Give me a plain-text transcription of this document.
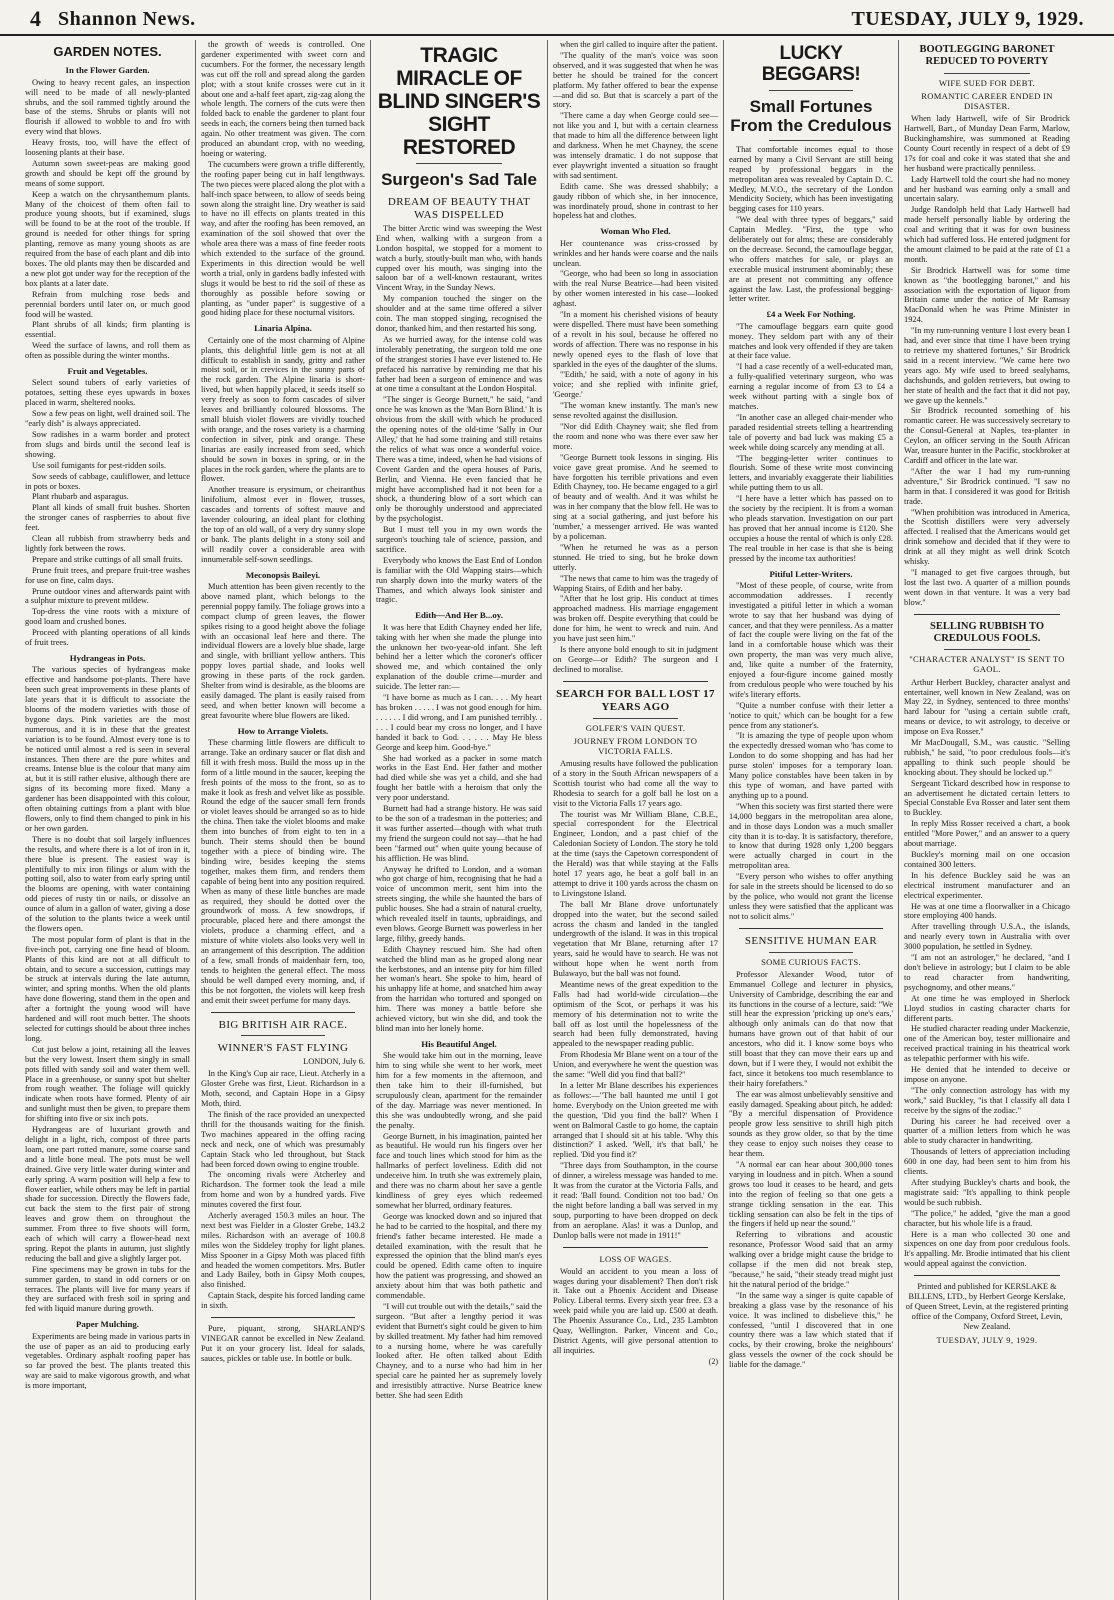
4 Shannon News.	TUESDAY, JULY 9, 1929.
GARDEN NOTES.
In the Flower Garden.

Owing to heavy recent gales, an inspection will need to be made of all newly-planted shrubs, and the soil rammed tightly around the base of the stems. Shrubs or plants will not flourish if allowed to wobble to and fro with every wind that blows.

Heavy frosts, too, will have the effect of loosening plants at their base.

Autumn sown sweet-peas are making good growth and should be kept off the ground by means of some support.

Keep a watch on the chrysanthemum plants. Many of the choicest of them often fail to produce young shoots, but if examined, slugs will be found to be at the root of the trouble. If ground is needed for other things for spring planting, remove as many young shoots as are required from the base of each plant and dib into boxes. The old plants may then be discarded and a new plot got under way for the reception of the box plants at a later date.

Refrain from mulching rose beds and perennial borders until later on, or much good food will be wasted.

Plant shrubs of all kinds; firm planting is essential.

Weed the surface of lawns, and roll them as often as possible during the winter months.

Fruit and Vegetables.

Select sound tubers of early varieties of potatoes, setting these eyes upwards in boxes placed in warm, sheltered nooks.

Sow a few peas on light, well drained soil. The "early dish" is always appreciated.

Sow radishes in a warm border and protect from slugs and birds until the second leaf is showing.

Use soil fumigants for pest-ridden soils.

Sow seeds of cabbage, cauliflower, and lettuce in pots or boxes.

Plant rhubarb and asparagus.

Plant all kinds of small fruit bushes. Shorten the stronger canes of raspberries to about five feet.

Clean all rubbish from strawberry beds and lightly fork between the rows.

Prepare and strike cuttings of all small fruits.

Prune fruit trees, and prepare fruit-tree washes for use on fine, calm days.

Prune outdoor vines and afterwards paint with a sulphur mixture to prevent mildew.

Top-dress the vine roots with a mixture of good loam and crushed bones.

Proceed with planting operations of all kinds of fruit trees.

Hydrangeas in Pots.

The various species of hydrangeas make effective and handsome pot-plants. There have been such great improvements in these plants of late years that it is difficult to associate the blooms of the modern varieties with those of bygone days. Pink varieties are the most numerous, and it is in these that the greatest variation is to be found. Almost every tone is to be noticed until almost a red is seen in several instances. Then there are the pure whites and creams. Intense blue is the colour that many aim at, but it is still rather elusive, although there are signs of its becoming more fixed. Many a gardener has been disappointed with this colour, often obtaining cuttings from a plant with blue flowers, only to find them changed to pink in his or her own garden.

There is no doubt that soil largely influences the results, and where there is a lot of iron in it, there blue is present. The easiest way is plentifully to mix iron filings or alum with the potting soil, also to water from early spring until the blooms are opening, with water containing odd pieces of rusty tin or nails, or dissolve an ounce of alum in a gallon of water, giving a dose of the solution to the plants twice a week until the flowers open.

The most popular form of plant is that in the five-inch pot, carrying one fine head of bloom. Plants of this kind are not at all difficult to obtain, and to secure a succession, cuttings may be struck at intervals during the late autumn, winter, and spring months. When the old plants have done flowering, stand them in the open and after a fortnight the young wood will have hardened and will root much better. The shoots selected for cuttings should be about three inches long.

Cut just below a joint, retaining all the leaves but the very lowest. Insert them singly in small pots filled with sandy soil and water them well. Place in a greenhouse, or sunny spot but shelter from rough weather. The foliage will quickly indicate when roots have formed. Plenty of air and sunlight must then be given, to prepare them for shifting into five or six inch pots.

Hydrangeas are of luxuriant growth and delight in a light, rich, compost of three parts loam, one part rotted manure, some coarse sand and a little bone meal. The pots must be well drained. Give very little water during winter and early spring. A warm position will help a few to flower earlier, while others may be left in partial shade for succession. Directly the flowers fade, cut back the stem to the first pair of strong leaves and grow them on throughout the summer. From three to five shoots will form, each of which will carry a flower-head next spring. Repot the plants in autumn, just slightly reducing the ball and give a slightly larger pot.

Fine specimens may be grown in tubs for the summer garden, to stand in odd corners or on terraces. The plants will live for many years if they are surfaced with fresh soil in spring and fed with liquid manure during growth.

Paper Mulching.

Experiments are being made in various parts in the use of paper as an aid to producing early vegetables. Ordinary asphalt roofing paper has so far proved the best. The plants treated this way are said to make vigorous growth, and what is more important,

the growth of weeds is controlled. One gardener experimented with sweet corn and cucumbers. For the former, the necessary length was cut off the roll and spread along the garden plot; with a stout knife crosses were cut in it about one and a-half feet apart, zig-zag along the whole length. The corners of the cuts were then folded back to enable the gardener to plant four seeds in each, the corners being then turned back again. No other treatment was given. The corn produced an abundant crop, with no weeding, hoeing or watering.

The cucumbers were grown a trifle differently, the roofing paper being cut in half lengthways. The two pieces were placed along the plot with a half-inch space between, to allow of seeds being sown along the straight line. Dry weather is said to have no ill effects on plants treated in this way, and after the roofing has been removed, an examination of the soil showed that over the whole area there was a mass of fine feeder roots which extended to the surface of the ground. Experiments in this direction would be well worth a trial, only in gardens badly infested with slugs it would be best to rid the soil of these as thoroughly as possible before sowing or planting, as "under paper" is suggestive of a good hiding place for these nocturnal visitors.

Linaria Alpina.

Certainly one of the most charming of Alpine plants, this delightful little gem is not at all difficult to establish in sandy, gritty and rather moist soil, or in crevices in the sunny parts of the rock garden. The Alpine linaria is short-lived, but when happily placed, it seeds itself so very freely as soon to form cascades of silver leaves and brilliantly coloured blossoms. The small bluish violet flowers are vividly touched with orange, and the roses variety is a charming confection in silver, pink and orange. These linarias are easily increased from seed, which should be sown in boxes in spring, or in the places in the rock garden, where the plants are to flower.

Another treasure is erysimum, or cheiranthus linifolium, almost ever in flower, trusses, cascades and torrents of softest mauve and lavender colouring, an ideal plant for clothing the top of an old wall, of a very dry sunny slope or bank. The plants delight in a stony soil and will readily cover a considerable area with innumerable self-sown seedlings.

Meconopsis Baileyi.

Much attention has been given recently to the above named plant, which belongs to the perennial poppy family. The foliage grows into a compact clump of green leaves, the flower spikes rising to a good height above the foliage with an occasional leaf here and there. The individual flowers are a lovely blue shade, large and single, with brilliant yellow anthers. This poppy loves partial shade, and looks well growing in these parts of the rock garden. Shelter from wind is desirable, as the blooms are easily damaged. The plant is easily raised from seed, and when better known will become a great favourite where blue flowers are liked.

How to Arrange Violets.

These charming little flowers are difficult to arrange. Take an ordinary saucer or flat dish and fill it with fresh moss. Build the moss up in the form of a little mound in the saucer, keeping the fresh points of the moss to the front, so as to make it look as fresh and velvet like as possible. Round the edge of the saucer small fern fronds or violet leaves should be arranged so as to hide the china. Then take the violet blooms and make them into bunches of from eight to ten in a bunch. Their stems should then be bound together with a piece of binding wire. The binding wire, besides keeping the stems together, makes them firm, and renders them capable of being bent into any position required. When as many of these little bunches are made as required, they should be dotted over the groundwork of moss. A few snowdrops, if procurable, placed here and there amongst the violets, produce a charming effect, and a mixture of white violets also looks very well in an arrangement of this description. The addition of a few, small fronds of maidenhair fern, too, tends to heighten the general effect. The moss should be well damped every morning, and, if this be not forgotten, the violets will keep fresh and emit their sweet perfume for many days.

BIG BRITISH AIR RACE.
WINNER'S FAST FLYING
LONDON, July 6.

In the King's Cup air race, Lieut. Atcherly in a Gloster Grebe was first, Lieut. Richardson in a Moth, second, and Captain Hope in a Gipsy Moth, third.

The finish of the race provided an unexpected thrill for the thousands waiting for the finish. Two machines appeared in the offing racing neck and neck, one of which was presumably Captain Stack who led throughout, but Stack had been forced down owing to engine trouble.

The oncoming rivals were Atcherley and Richardson. The former took the lead a mile from home and won by a hundred yards. Five minutes covered the first four.

Atcherly averaged 150.3 miles an hour. The next best was Fielder in a Gloster Grebe, 143.2 miles. Richardson with an average of 100.8 miles won the Siddeley trophy for light planes. Miss Spooner in a Gipsy Moth was placed fifth and headed the women competitors. Mrs. Butler and Lady Bailey, both in Gipsy Moth coupes, also finished.

Captain Stack, despite his forced landing came in sixth.

Pure, piquant, strong, SHARLAND'S VINEGAR cannot be excelled in New Zealand. Put it on your grocery list. Ideal for salads, sauces, pickles or table use. In bottle or bulk.

TRAGIC MIRACLE OF BLIND SINGER'S SIGHT RESTORED
Surgeon's Sad Tale
DREAM OF BEAUTY THAT WAS DISPELLED

The bitter Arctic wind was sweeping the West End when, walking with a surgeon from a London hospital, we stopped for a moment to watch a burly, stoutly-built man who, with hands cupped over his mouth, was singing into the saloon bar of a well-known restaurant, writes Vincent Wray, in the Sunday News.

My companion touched the singer on the shoulder and at the same time offered a silver coin. The man stopped singing, recognised the donor, thanked him, and then restarted his song.

As we hurried away, for the intense cold was intolerably penetrating, the surgeon told me one of the strangest stories I have ever listened to. He prefaced his narrative by reminding me that his father had been a surgeon of eminence and was at one time a consultant at the London Hospital.

"The singer is George Burnett," he said, "and once he was known as the 'Man Born Blind.' It is obvious from the skill with which he produced the opening notes of the old-time 'Sally in Our Alley,' that he had some training and still retains the relics of what was once a wonderful voice. There was a time, indeed, when he had visions of Covent Garden and the opera houses of Paris, Berlin, and Vienna. He even fancied that he might have accomplished had it not been for a shock, a thundering blow of a sort which can only be thoroughly understood and appreciated by the psychologist.

But I must tell you in my own words the surgeon's touching tale of science, passion, and sacrifice.

Everybody who knows the East End of London is familiar with the Old Wapping stairs—which run sharply down into the murky waters of the Thames, and which always look sinister and tragic.

Edith—And Her B...oy.

It was here that Edith Chayney ended her life, taking with her when she made the plunge into the unknown her two-year-old infant. She left behind her a letter which the coroner's officer showed me, and which contained the only explanation of the double crime—murder and suicide. The letter ran:—

"I have borne as much as I can. . . . My heart has broken . . . . . I was not good enough for him. . . . . . . I did wrong, and I am punished terribly. . . . . I could bear my cross no longer, and I have handed it back to God. . . . . . May He bless George and keep him. Good-bye."

She had worked as a packer in some match works in the East End. Her father and mother had died while she was yet a child, and she had fought her battle with a heroism that only the very poor understand.

Burnett had had a strange history. He was said to be the son of a tradesman in the potteries; and it was further asserted—though with what truth my friend the surgeon could not say—that he had been "farmed out" when quite young because of his affliction. He was blind.

Anyway he drifted to London, and a woman who got charge of him, recognising that he had a voice of uncommon merit, sent him into the streets singing, the while she haunted the bars of public houses. She had a strain of natural cruelty, which revealed itself in taunts, upbraidings, and even blows. George Burnett was powerless in her large, filthy, greedy hands.

Edith Chayney rescued him. She had often watched the blind man as he groped along near the kerbstones, and an intense pity for him filled her woman's heart. She spoke to him, heard of his unhappy life at home, and snatched him away from the harridan who tortured and sponged on him. There was money a battle before she achieved victory, but win she did, and took the blind man into her lonely home.

His Beautiful Angel.

She would take him out in the morning, leave him to sing while she went to her work, meet him for a few moments in the afternoon, and then take him to their ill-furnished, but scrupulously clean, apartment for the remainder of the day. Marriage was never mentioned. In this she was undoubtedly wrong, and she paid the penalty.

George Burnett, in his imagination, painted her as beautiful. He would run his fingers over her face and touch lines which stood for him as the hallmarks of perfect loveliness. Edith did not undeceive him. In truth she was extremely plain, and there was no charm about her save a gentle kindliness of grey eyes which redeemed somewhat her blurred, ordinary features.

George was knocked down and so injured that he had to be carried to the hospital, and there my friend's father became interested. He made a detailed examination, with the result that he expressed the opinion that the blind man's eyes could be opened. Edith came often to inquire how the patient was progressing, and showed an anxiety about him that was both pathetic and commendable.

"I will cut trouble out with the details," said the surgeon. "But after a lengthy period it was evident that Burnett's sight could be given to him by skilled treatment. My father had him removed to a nursing home, where he was carefully looked after. He often talked about Edith Chayney, and to a nurse who had him in her special care he painted her as supremely lovely and irresistibly attractive. Nurse Beatrice knew better. She had seen Edith

when the girl called to inquire after the patient.

"The quality of the man's voice was soon observed, and it was suggested that when he was better he should be trained for the concert platform. My father offered to bear the expense—and did so. But that is scarcely a part of the story.

"There came a day when George could see—not like you and I, but with a certain clearness that made to him all the difference between light and darkness. When he met Chayney, the scene was intensely dramatic. I do not suppose that ever playwright invented a situation so fraught with sad sentiment.

Edith came. She was dressed shabbily; a gaudy ribbon of which she, in her innocence, was inordinately proud, shone in contrast to her hopeless hat and clothes.

Woman Who Fled.

Her countenance was criss-crossed by wrinkles and her hands were coarse and the nails unclean.

"George, who had been so long in association with the real Nurse Beatrice—had been visited by other women interested in his case—looked aghast.

"In a moment his cherished visions of beauty were dispelled. There must have been something of a revolt in his soul, because he offered no words of affection. There was no response in his newly opened eyes to the flash of love that sparkled in the eyes of the daughter of the slums.

"'Edith,' he said, with a note of agony in his voice; and she replied with infinite grief, 'George.'

"The woman knew instantly. The man's new sense revolted against the disillusion.

"Nor did Edith Chayney wait; she fled from the room and none who was there ever saw her more.

"George Burnett took lessons in singing. His voice gave great promise. And he seemed to have forgotten his terrible privations and even Edith Chayney, too. He became engaged to a girl of beauty and of wealth. And it was whilst he was in her company that the blow fell. He was to sing at a social gathering, and just before his 'number,' a messenger arrived. He was wanted by a policeman.

"When he returned he was as a person stunned. He tried to sing, but he broke down utterly.

"The news that came to him was the tragedy of Wapping Stairs, of Edith and her baby.

"After that he lost grip. His conduct at times approached madness. His marriage engagement was broken off. Despite everything that could be done for him, he went to wreck and ruin. And you have just seen him."

Is there anyone bold enough to sit in judgment on George—or Edith? The surgeon and I declined to moralise.

SEARCH FOR BALL LOST 17 YEARS AGO
GOLFER'S VAIN QUEST.
JOURNEY FROM LONDON TO VICTORIA FALLS.

Amusing results have followed the publication of a story in the South African newspapers of a Scottish tourist who had come all the way to Rhodesia to search for a golf ball he lost on a visit to the Victoria Falls 17 years ago.

The tourist was Mr William Blane, C.B.E., special correspondent for the Electrical Engineer, London, and a past chief of the Caledonian Society of London. The story he told at the time (says the Capetown correspondent of the Herald) was that while staying at the Falls hotel 17 years ago, he beat a golf ball in an attempt to drive it 100 yards across the chasm on to Livingstone Island.

The ball Mr Blane drove unfortunately dropped into the water, but the second sailed across the chasm and landed in the tangled undergrowth of the island. It was in this tropical vegetation that Mr Blane, returning after 17 years, said he would have to search. He was not without hope when he went north from Bulawayo, but the ball was not found.

Meantime news of the great expedition to the Falls had had world-wide circulation—the optimism of the Scot, or perhaps it was his memory of his determination not to write the ball off as lost until the hopelessness of the search had been fully demonstrated, having appealed to the newspaper reading public.

From Rhodesia Mr Blane went on a tour of the Union, and everywhere he went the question was the same: "Well did you find that ball?"

In a letter Mr Blane describes his experiences as follows:—"The ball haunted me until I got home. Everybody on the Union greeted me with the question, 'Did you find the ball?' When I went on Balmoral Castle to go home, the captain arranged that I should sit at his table. 'Why this distinction?' I asked. 'Well, it's that ball,' he replied. 'Did you find it?'

"Three days from Southampton, in the course of dinner, a wireless message was handed to me. It was from the curator at the Victoria Falls, and it read: 'Ball found. Condition not too bad.' On the night before landing a ball was served in my soup, purporting to have been dropped on deck from an aeroplane. Alas! it was a Dunlop, and Dunlop balls were not made in 1911!"

LOSS OF WAGES.

Would an accident to you mean a loss of wages during your disablement? Then don't risk it. Take out a Phoenix Accident and Disease Policy. Liberal terms. Every sixth year free. £3 a week paid while you are laid up. £500 at death. The Phoenix Assurance Co., Ltd., 235 Lambton Quay, Wellington. Parker, Vincent and Co., District Agents, will give personal attention to all inquiries.

(2)
LUCKY BEGGARS!
Small Fortunes From the Credulous

That comfortable incomes equal to those earned by many a Civil Servant are still being reaped by professional beggars in the metropolitan area was revealed by Captain D. C. Medley, M.V.O., the secretary of the London Mendicity Society, which has been investigating begging cases for 110 years.

"We deal with three types of beggars," said Captain Medley. "First, the type who deliberately out for alms; these are considerably on the decrease. Second, the camouflage beggar, who offers matches for sale, or plays an execrable musical instrument abominably; these are at present not committing any offence against the law. Last, the professional begging-letter writer.

£4 a Week For Nothing.

"The camouflage beggars earn quite good money. They seldom part with any of their matches and look very offended if they are taken at their face value.

"I had a case recently of a well-educated man, a fully-qualified veterinary surgeon, who was earning a regular income of from £3 to £4 a week without parting with a single box of matches.

"In another case an alleged chair-mender who paraded residential streets telling a heartrending tale of poverty and bad luck was making £5 a week while doing scarcely any mending at all.

"The begging-letter writer continues to flourish. Some of these write most convincing letters, and invariably exaggerate their liabilities while putting them to us all.

"I here have a letter which has passed on to the society by the recipient. It is from a woman who pleads starvation. Investigation on our part has proved that her annual income is £120. She occupies a house the rental of which is only £28. The real trouble in her case is that she is being pressed by the income tax authorities!

Pitiful Letter-Writers.

"Most of these people, of course, write from accommodation addresses. I recently investigated a pitiful letter in which a woman wrote to say that her husband was dying of cancer, and that they were penniless. As a matter of fact the couple were living on the fat of the land in a comfortable house which was their own property, the man was very much alive, and, like quite a number of the fraternity, enjoyed a four-figure income gained mostly from credulous people who were touched by his wife's literary efforts.

"Quite a number confuse with their letter a 'notice to quit,' which can be bought for a few pence from any stationer's.

"It is amazing the type of people upon whom the expectedly dressed woman who 'has come to London to do some shopping and has had her purse stolen' imposes for a temporary loan. Many police constables have been taken in by this type of woman, and have parted with anything up to a pound.

"When this society was first started there were 14,000 beggars in the metropolitan area alone, and in those days London was a much smaller city than it is to-day. It is satisfactory, therefore, to know that during 1928 only 1,200 beggars were actually charged in court in the metropolitan area.

"Every person who wishes to offer anything for sale in the streets should be licensed to do so by the police, who would not grant the license unless they were satisfied that the applicant was not to solicit alms."

SENSITIVE HUMAN EAR
SOME CURIOUS FACTS.

Professor Alexander Wood, tutor of Emmanuel College and lecturer in physics, University of Cambridge, describing the ear and its functions in the course of a lecture, said: "We still hear the expression 'pricking up one's ears,' although only animals can do that now that humans have grown out of that habit of our ancestors, who did it. I know some boys who still boast that they can move their ears up and down, but if I were they, I would not exhibit the fact, since it betokens too much resemblance to their hairy forefathers."

The ear was almost unbelievably sensitive and easily damaged. Speaking about pitch, he added: "By a merciful dispensation of Providence people grow less sensitive to shrill high pitch sounds as they grow older, so that by the time they cease to enjoy such noises they cease to hear them.

"A normal ear can hear about 300,000 tones varying in loudness and in pitch. When a sound grows too loud it ceases to be heard, and gets into the region of feeling so that one gets a strange tickling sensation in the ear. This tickling sensation can also be felt in the tips of the fingers if held up near the sound."

Referring to vibrations and acoustic resonance, Professor Wood said that an army walking over a bridge might cause the bridge to collapse if the men did not break step, "because," he said, "their steady tread might just hit the natural period of the bridge."

"In the same way a singer is quite capable of breaking a glass vase by the resonance of his voice. It was inclined to disbelieve this," he confessed, "until I discovered that in one country there was a law which stated that if cocks, by their crowing, broke the neighbours' glass vessels the owner of the cock should be liable for the damage."

BOOTLEGGING BARONET REDUCED TO POVERTY
WIFE SUED FOR DEBT.
ROMANTIC CAREER ENDED IN DISASTER.

When lady Hartwell, wife of Sir Brodrick Hartwell, Bart., of Munday Dean Farm, Marlow, Buckinghamshire, was summoned at Reading County Court recently in respect of a debt of £9 17s for coal and coke it was stated that she and her husband were practically penniless.

Lady Hartwell told the court she had no money and her husband was earning only a small and uncertain salary.

Judge Randolph held that Lady Hartwell had made herself personally liable by ordering the coal and writing that it was for own business which had suffered loss. He entered judgment for the amount claimed to be paid at the rate of £1 a month.

Sir Brodrick Hartwell was for some time known as "the bootlegging baronet," and his association with the exportation of liquor from Britain came under the notice of Mr Ramsay MacDonald when he was Prime Minister in 1924.

"In my rum-running venture I lost every bean I had, and ever since that time I have been trying to retrieve my shattered fortunes," Sir Brodrick said in a recent interview. "We came here two years ago. My wife used to breed sealyhams, dachshunds, and golden retrievers, but owing to her state of health and the fact that it did not pay, we gave up the kennels."

Sir Brodrick recounted something of his romantic career. He was successively secretary to the Consul-General at Naples, tea-planter in Ceylon, an officer serving in the South African War, treasure hunter in the Pacific, stockbroker at Cardiff and officer in the late war.

"After the war I had my rum-running adventure," Sir Brodrick continued. "I saw no harm in that. I considered it was good for British trade.

"When prohibition was introduced in America, the Scottish distillers were very adversely affected. I realised that the Americans would get drink somehow and decided that if they were to drink at all they might as well drink Scotch whisky.

"I managed to get five cargoes through, but lost the last two. A quarter of a million pounds went down in that venture. It was a very bad blow."

SELLING RUBBISH TO CREDULOUS FOOLS.
"CHARACTER ANALYST" IS SENT TO GAOL.

Arthur Herbert Buckley, character analyst and entertainer, well known in New Zealand, was on May 22, in Sydney, sentenced to three months' hard labour for "using a certain subtle craft, means or device, to wit astrology, to deceive or impose on Eva Rosser."

Mr MacDougall, S.M., was caustic. "Selling rubbish," he said, "to poor credulous fools—it's appalling to think such people should be knocking about. They should be locked up."

Sergeant Tickard described how in response to an advertisement he dictated certain letters to Special Constable Eva Rosser and later sent them to Buckley.

In reply Miss Rosser received a chart, a book entitled "More Power," and an answer to a query about marriage.

Buckley's morning mail on one occasion contained 300 letters.

In his defence Buckley said he was an electrical instrument manufacturer and an electrical experimenter.

He was at one time a floorwalker in a Chicago store employing 400 hands.

After travelling through U.S.A., the islands, and nearly every town in Australia with over 3000 population, he settled in Sydney.

"I am not an astrologer," he declared, "and I don't believe in astrology; but I claim to be able to read character from handwriting, psychognomy, and other means."

At one time he was employed in Sherlock Lloyd studios in casting character charts for different parts.

He studied character reading under Mackenzie, one of the American boy, tester millionaire and received practical training in his theatrical work as telepathic performer with his wife.

He denied that he intended to deceive or impose on anyone.

"The only connection astrology has with my work," said Buckley, "is that I classify all data I receive by the signs of the zodiac."

During his career he had received over a quarter of a million letters from which he was able to study character in handwriting.

Thousands of letters of appreciation including 600 in one day, had been sent to him from his clients.

After studying Buckley's charts and book, the magistrate said: "It's appalling to think people would be such rubbish.

"The police," he added, "give the man a good character, but his whole life is a fraud.

Here is a man who collected 30 one and sixpences on one day from poor credulous fools. It's appalling. Mr. Brodie intimated that his client would appeal against the conviction.

Printed and published for KERSLAKE & BILLENS, LTD., by Herbert George Kerslake, of Queen Street, Levin, at the registered printing office of the Company, Oxford Street, Levin, New Zealand.
TUESDAY, JULY 9, 1929.
